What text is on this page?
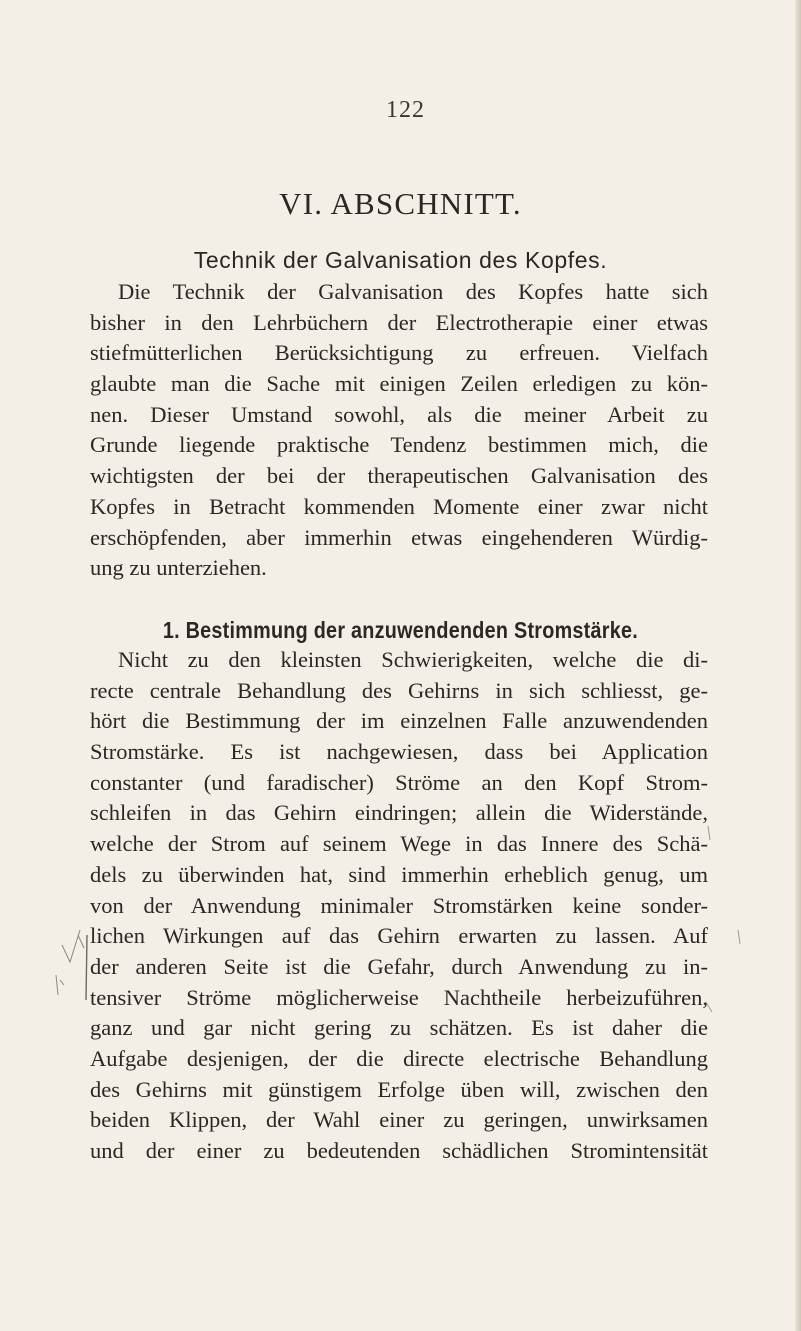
122
VI. ABSCHNITT.
Technik der Galvanisation des Kopfes.
Die Technik der Galvanisation des Kopfes hatte sich
bisher in den Lehrbüchern der Electrotherapie einer etwas
stiefmütterlichen Berücksichtigung zu erfreuen. Vielfach
glaubte man die Sache mit einigen Zeilen erledigen zu kön-
nen. Dieser Umstand sowohl, als die meiner Arbeit zu
Grunde liegende praktische Tendenz bestimmen mich, die
wichtigsten der bei der therapeutischen Galvanisation des
Kopfes in Betracht kommenden Momente einer zwar nicht
erschöpfenden, aber immerhin etwas eingehenderen Würdig-
ung zu unterziehen.
1. Bestimmung der anzuwendenden Stromstärke.
Nicht zu den kleinsten Schwierigkeiten, welche die di-
recte centrale Behandlung des Gehirns in sich schliesst, ge-
hört die Bestimmung der im einzelnen Falle anzuwendenden
Stromstärke. Es ist nachgewiesen, dass bei Application
constanter (und faradischer) Ströme an den Kopf Strom-
schleifen in das Gehirn eindringen; allein die Widerstände,
welche der Strom auf seinem Wege in das Innere des Schä-
dels zu überwinden hat, sind immerhin erheblich genug, um
von der Anwendung minimaler Stromstärken keine sonder-
lichen Wirkungen auf das Gehirn erwarten zu lassen. Auf
der anderen Seite ist die Gefahr, durch Anwendung zu in-
tensiver Ströme möglicherweise Nachtheile herbeizuführen,
ganz und gar nicht gering zu schätzen. Es ist daher die
Aufgabe desjenigen, der die directe electrische Behandlung
des Gehirns mit günstigem Erfolge üben will, zwischen den
beiden Klippen, der Wahl einer zu geringen, unwirksamen
und der einer zu bedeutenden schädlichen Stromintensität
